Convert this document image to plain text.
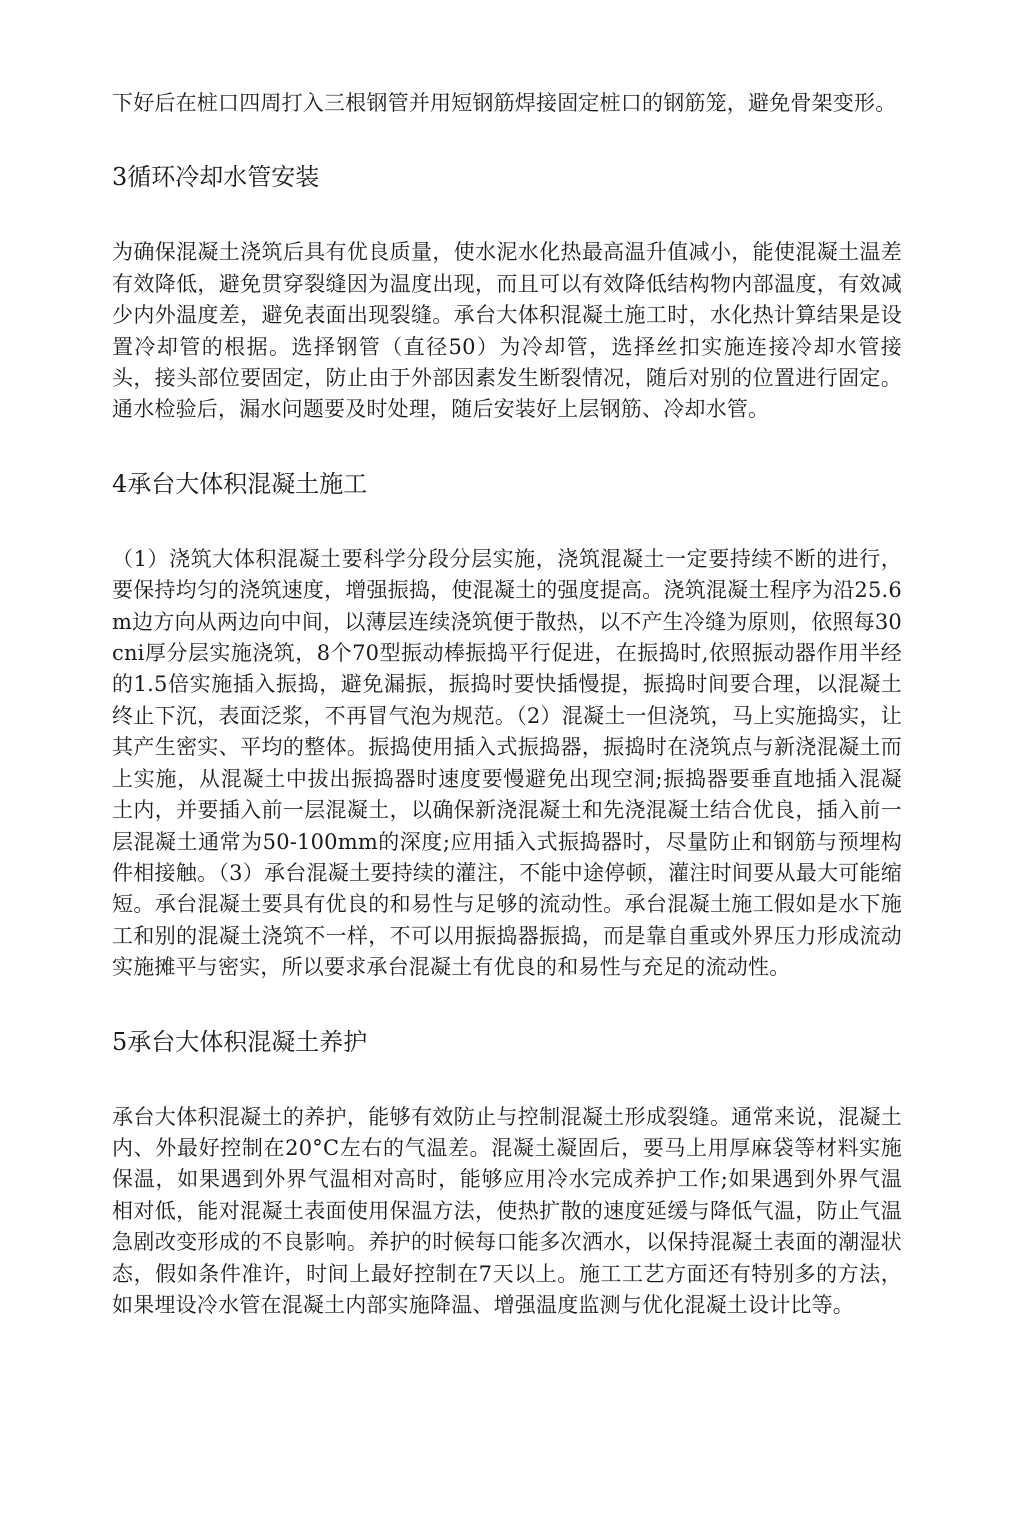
下好后在桩口四周打入三根钢管并用短钢筋焊接固定桩口的钢筋笼，避免骨架变形。

3循环冷却水管安装

为确保混凝土浇筑后具有优良质量，使水泥水化热最高温升值减小，能使混凝土温差有效降低，避免贯穿裂缝因为温度出现，而且可以有效降低结构物内部温度，有效减少内外温度差，避免表面出现裂缝。承台大体积混凝土施工时，水化热计算结果是设置冷却管的根据。选择钢管（直径50）为冷却管，选择丝扣实施连接冷却水管接头，接头部位要固定，防止由于外部因素发生断裂情况，随后对别的位置进行固定。通水检验后，漏水问题要及时处理，随后安装好上层钢筋、冷却水管。

4承台大体积混凝土施工

（1）浇筑大体积混凝土要科学分段分层实施，浇筑混凝土一定要持续不断的进行，要保持均匀的浇筑速度，增强振捣，使混凝土的强度提高。浇筑混凝土程序为沿25.6m边方向从两边向中间，以薄层连续浇筑便于散热，以不产生冷缝为原则，依照每30cni厚分层实施浇筑，8个70型振动棒振捣平行促进，在振捣时,依照振动器作用半经的1.5倍实施插入振捣，避免漏振，振捣时要快插慢提，振捣时间要合理，以混凝土终止下沉，表面泛浆，不再冒气泡为规范。（2）混凝土一但浇筑，马上实施捣实，让其产生密实、平均的整体。振捣使用插入式振捣器，振捣时在浇筑点与新浇混凝土而上实施，从混凝土中拔出振捣器时速度要慢避免出现空洞;振捣器要垂直地插入混凝土内，并要插入前一层混凝土，以确保新浇混凝土和先浇混凝土结合优良，插入前一层混凝土通常为50-100mm的深度;应用插入式振捣器时，尽量防止和钢筋与预埋构件相接触。（3）承台混凝土要持续的灌注，不能中途停顿，灌注时间要从最大可能缩短。承台混凝土要具有优良的和易性与足够的流动性。承台混凝土施工假如是水下施工和别的混凝土浇筑不一样，不可以用振捣器振捣，而是靠自重或外界压力形成流动实施摊平与密实，所以要求承台混凝土有优良的和易性与充足的流动性。

5承台大体积混凝土养护

承台大体积混凝土的养护，能够有效防止与控制混凝土形成裂缝。通常来说，混凝土内、外最好控制在20°C左右的气温差。混凝土凝固后，要马上用厚麻袋等材料实施保温，如果遇到外界气温相对高时，能够应用冷水完成养护工作;如果遇到外界气温相对低，能对混凝土表面使用保温方法，使热扩散的速度延缓与降低气温，防止气温急剧改变形成的不良影响。养护的时候每口能多次洒水，以保持混凝土表面的潮湿状态，假如条件准许，时间上最好控制在7天以上。施工工艺方面还有特别多的方法，如果埋设冷水管在混凝土内部实施降温、增强温度监测与优化混凝土设计比等。
